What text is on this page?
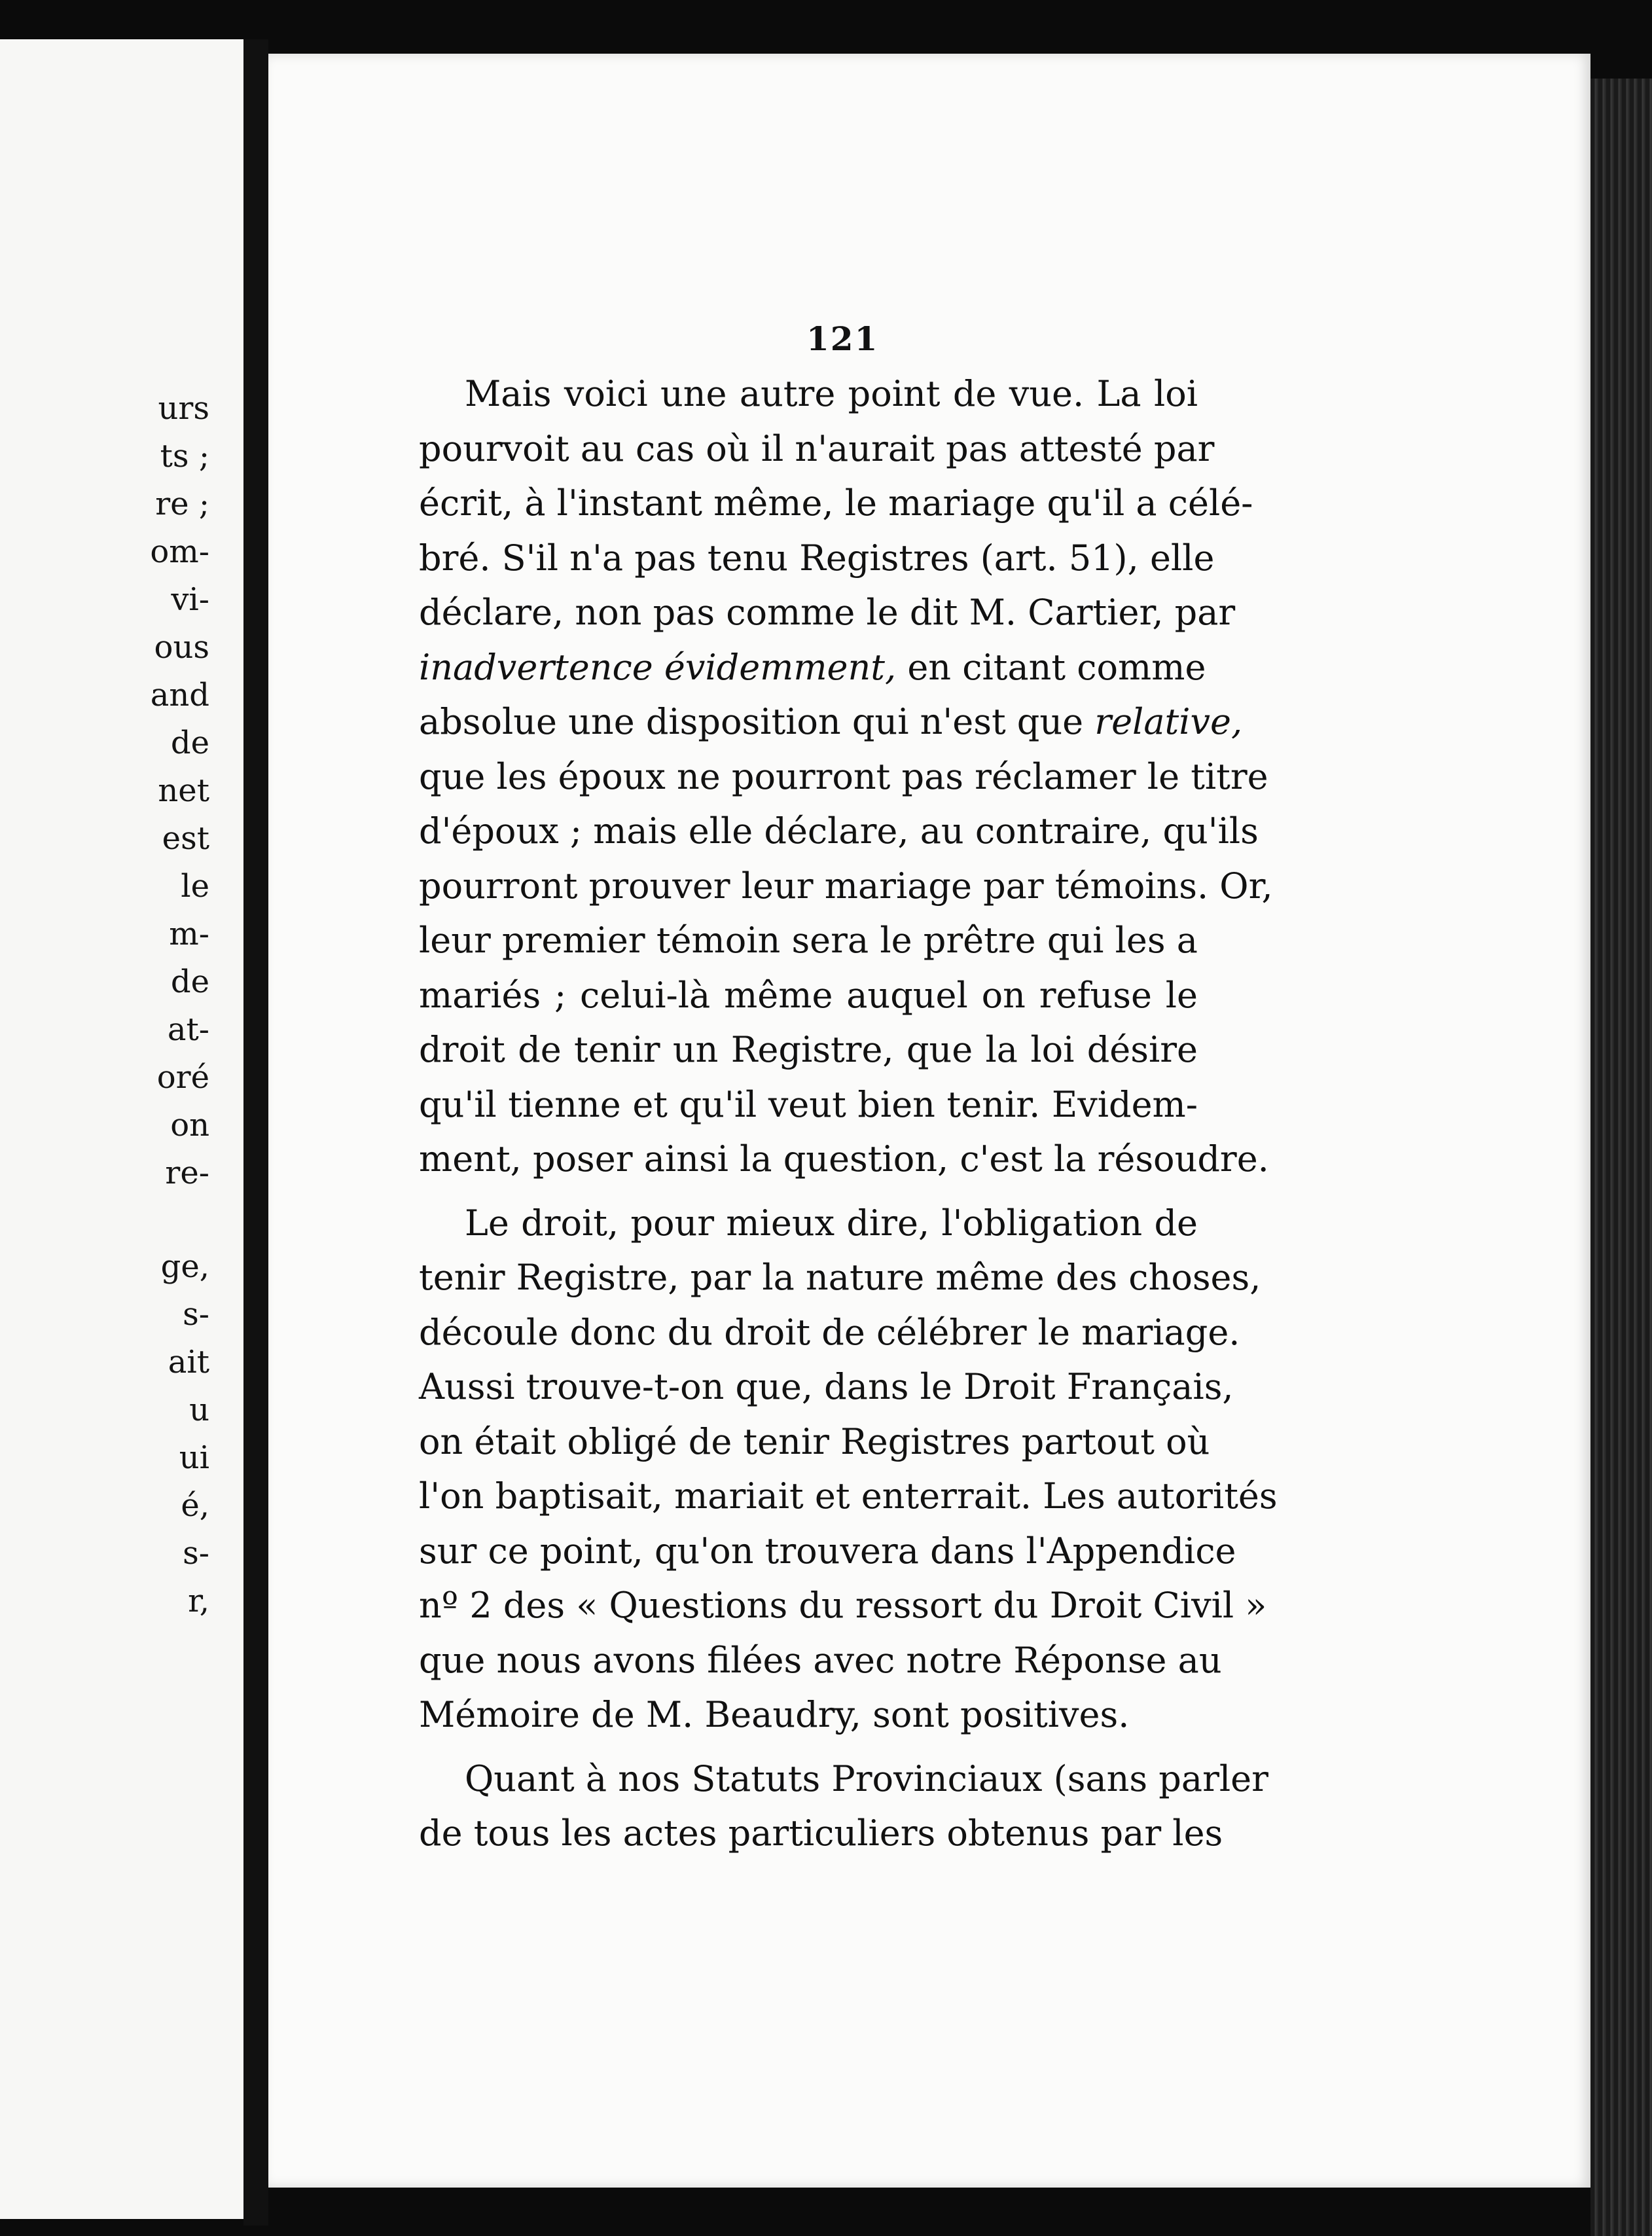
urs
ts ;
re ;
om-
vi-
ous
and
de
net
est
le
m-
de
at-
oré
on
re-
ge,
s-
ait
u
ui
é,
s-
r,
121
Mais voici une autre point de vue. La loi
pourvoit au cas où il n'aurait pas attesté par
écrit, à l'instant même, le mariage qu'il a célé-
bré. S'il n'a pas tenu Registres (art. 51), elle
déclare, non pas comme le dit M. Cartier, par
inadvertence évidemment, en citant comme
absolue une disposition qui n'est que relative,
que les époux ne pourront pas réclamer le titre
d'époux ; mais elle déclare, au contraire, qu'ils
pourront prouver leur mariage par témoins. Or,
leur premier témoin sera le prêtre qui les a
mariés ; celui-là même auquel on refuse le
droit de tenir un Registre, que la loi désire
qu'il tienne et qu'il veut bien tenir. Evidem-
ment, poser ainsi la question, c'est la résoudre.
Le droit, pour mieux dire, l'obligation de
tenir Registre, par la nature même des choses,
découle donc du droit de célébrer le mariage.
Aussi trouve-t-on que, dans le Droit Français,
on était obligé de tenir Registres partout où
l'on baptisait, mariait et enterrait. Les autorités
sur ce point, qu'on trouvera dans l'Appendice
nº 2 des « Questions du ressort du Droit Civil »
que nous avons filées avec notre Réponse au
Mémoire de M. Beaudry, sont positives.
Quant à nos Statuts Provinciaux (sans parler
de tous les actes particuliers obtenus par les
